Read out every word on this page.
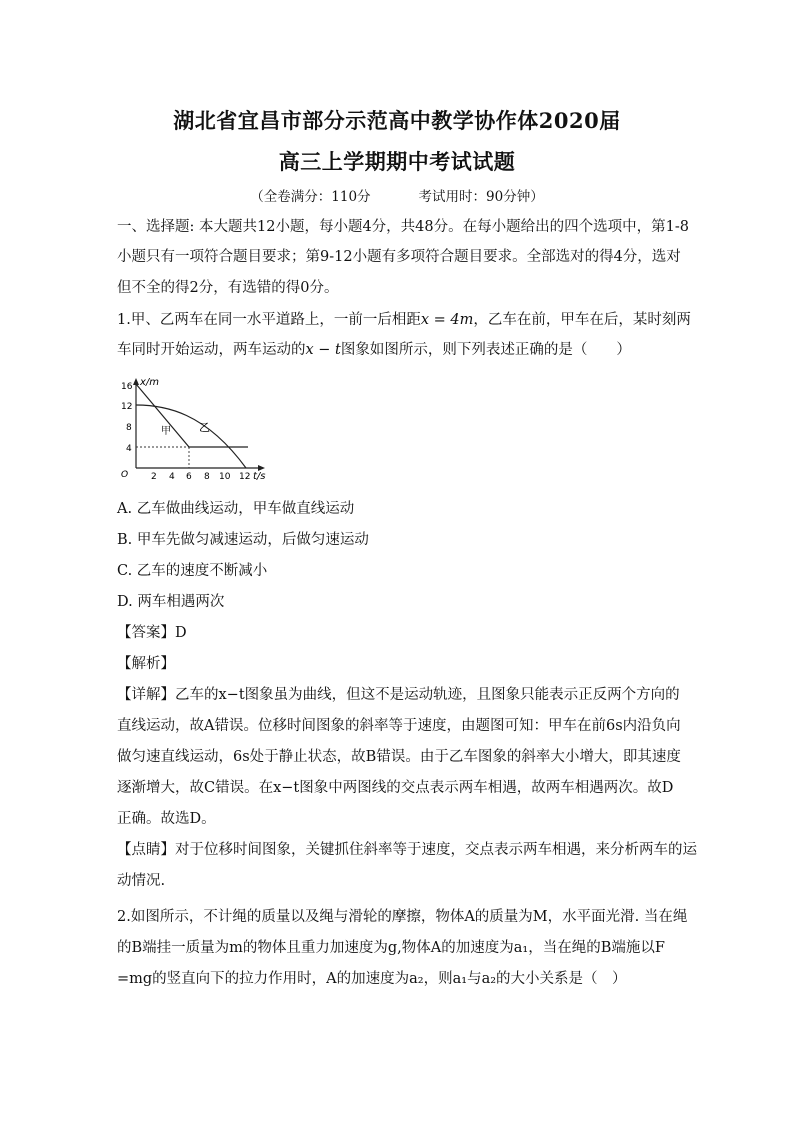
湖北省宜昌市部分示范高中教学协作体2020届
高三上学期期中考试试题
（全卷满分：110分	考试用时：90分钟）
一、选择题: 本大题共12小题，每小题4分，共48分。在每小题给出的四个选项中，第1-8
小题只有一项符合题目要求；第9-12小题有多项符合题目要求。全部选对的得4分，选对
但不全的得2分，有选错的得0分。
1.甲、乙两车在同一水平道路上，一前一后相距x = 4m，乙车在前，甲车在后，某时刻两
车同时开始运动，两车运动的x − t图象如图所示，则下列表述正确的是（　　）
x/m
16
12
8
4
O	2 4 6 8 10 12 t/s
甲	乙
A. 乙车做曲线运动，甲车做直线运动
B. 甲车先做匀减速运动，后做匀速运动
C. 乙车的速度不断减小
D. 两车相遇两次
【答案】D
【解析】
【详解】乙车的x−t图象虽为曲线，但这不是运动轨迹，且图象只能表示正反两个方向的
直线运动，故A错误。位移时间图象的斜率等于速度，由题图可知：甲车在前6s内沿负向
做匀速直线运动，6s处于静止状态，故B错误。由于乙车图象的斜率大小增大，即其速度
逐渐增大，故C错误。在x−t图象中两图线的交点表示两车相遇，故两车相遇两次。故D
正确。故选D。
【点睛】对于位移时间图象，关键抓住斜率等于速度，交点表示两车相遇，来分析两车的运
动情况.
2.如图所示，不计绳的质量以及绳与滑轮的摩擦，物体A的质量为M，水平面光滑. 当在绳
的B端挂一质量为m的物体且重力加速度为g,物体A的加速度为a₁，当在绳的B端施以F
=mg的竖直向下的拉力作用时，A的加速度为a₂，则a₁与a₂的大小关系是（　）
